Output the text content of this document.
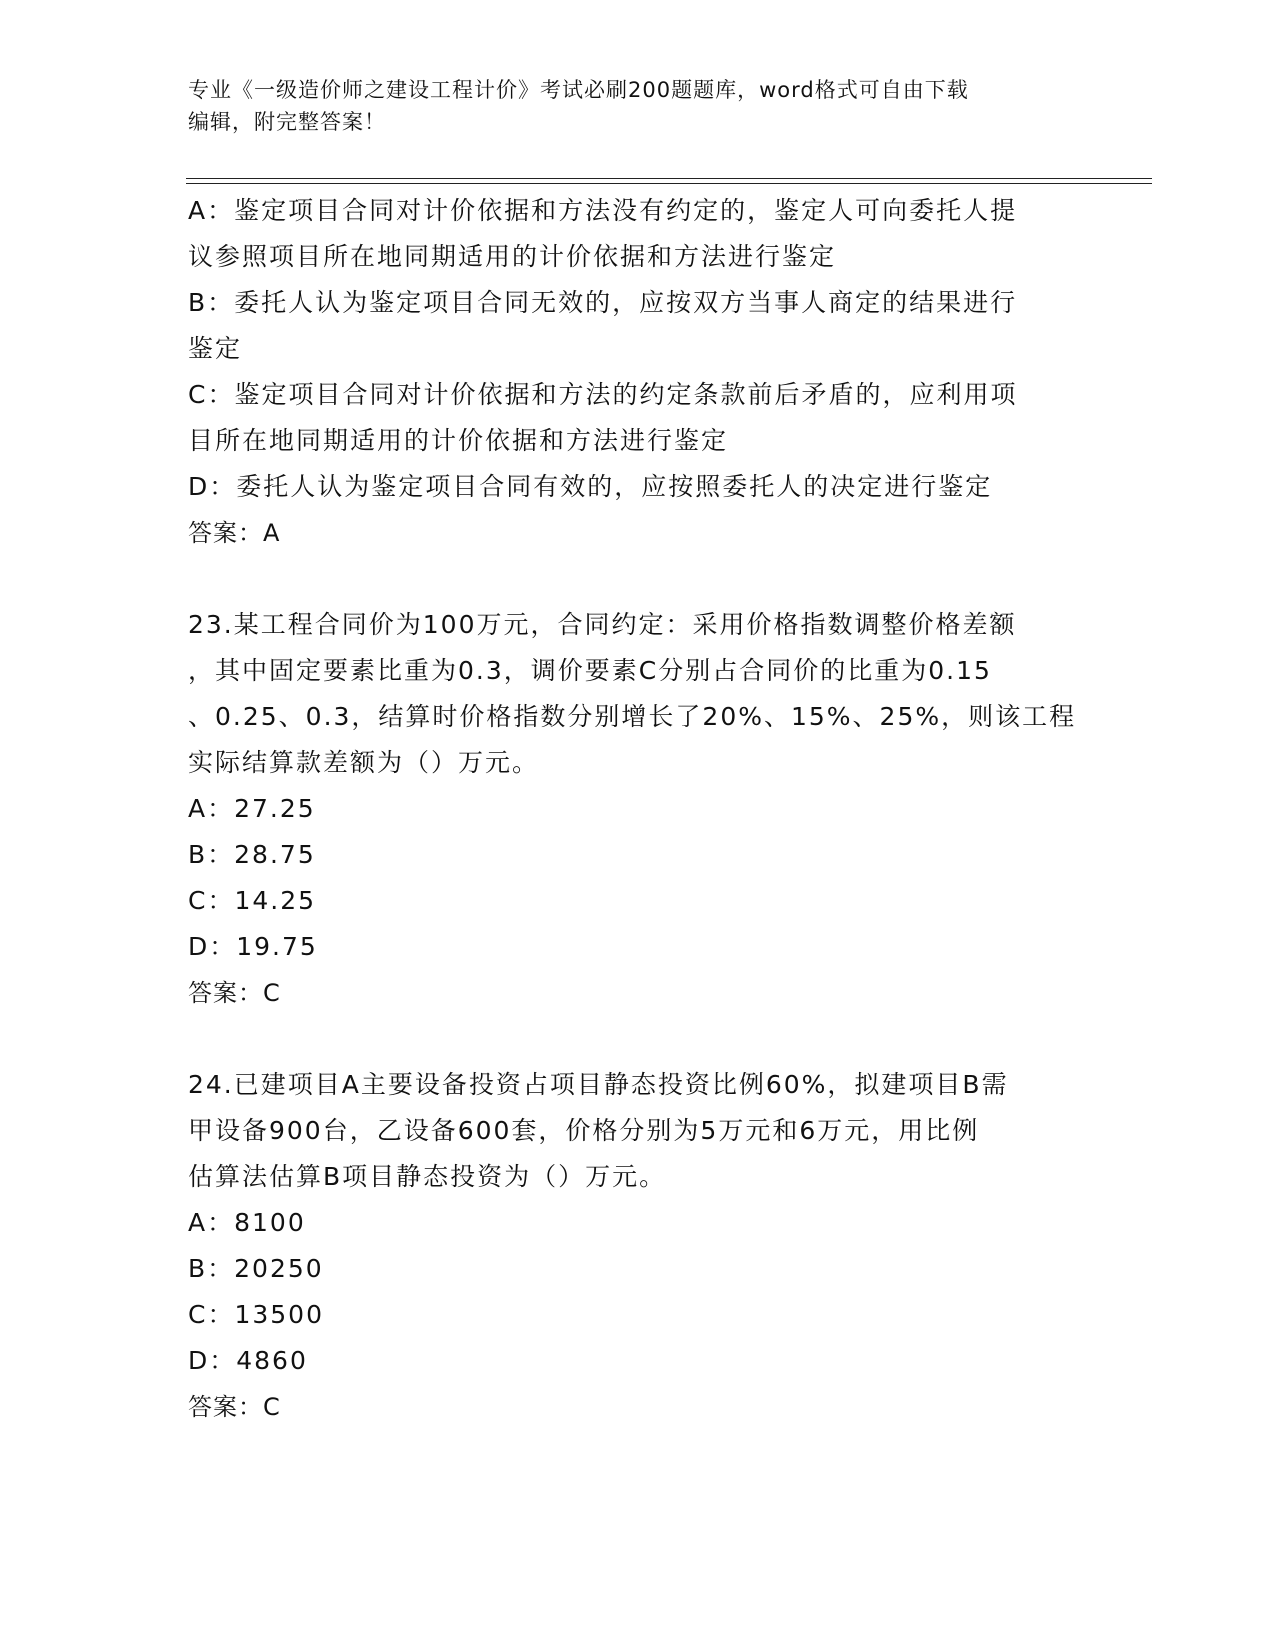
专业《一级造价师之建设工程计价》考试必刷200题题库，word格式可自由下载
编辑，附完整答案！
A：鉴定项目合同对计价依据和方法没有约定的，鉴定人可向委托人提
议参照项目所在地同期适用的计价依据和方法进行鉴定
B：委托人认为鉴定项目合同无效的，应按双方当事人商定的结果进行
鉴定
C：鉴定项目合同对计价依据和方法的约定条款前后矛盾的，应利用项
目所在地同期适用的计价依据和方法进行鉴定
D：委托人认为鉴定项目合同有效的，应按照委托人的决定进行鉴定
答案：A
23.某工程合同价为100万元，合同约定：采用价格指数调整价格差额
，其中固定要素比重为0.3，调价要素C分别占合同价的比重为0.15
、0.25、0.3，结算时价格指数分别增长了20%、15%、25%，则该工程
实际结算款差额为（）万元。
A：27.25
B：28.75
C：14.25
D：19.75
答案：C
24.已建项目A主要设备投资占项目静态投资比例60%，拟建项目B需
甲设备900台，乙设备600套，价格分别为5万元和6万元，用比例
估算法估算B项目静态投资为（）万元。
A：8100
B：20250
C：13500
D：4860
答案：C
